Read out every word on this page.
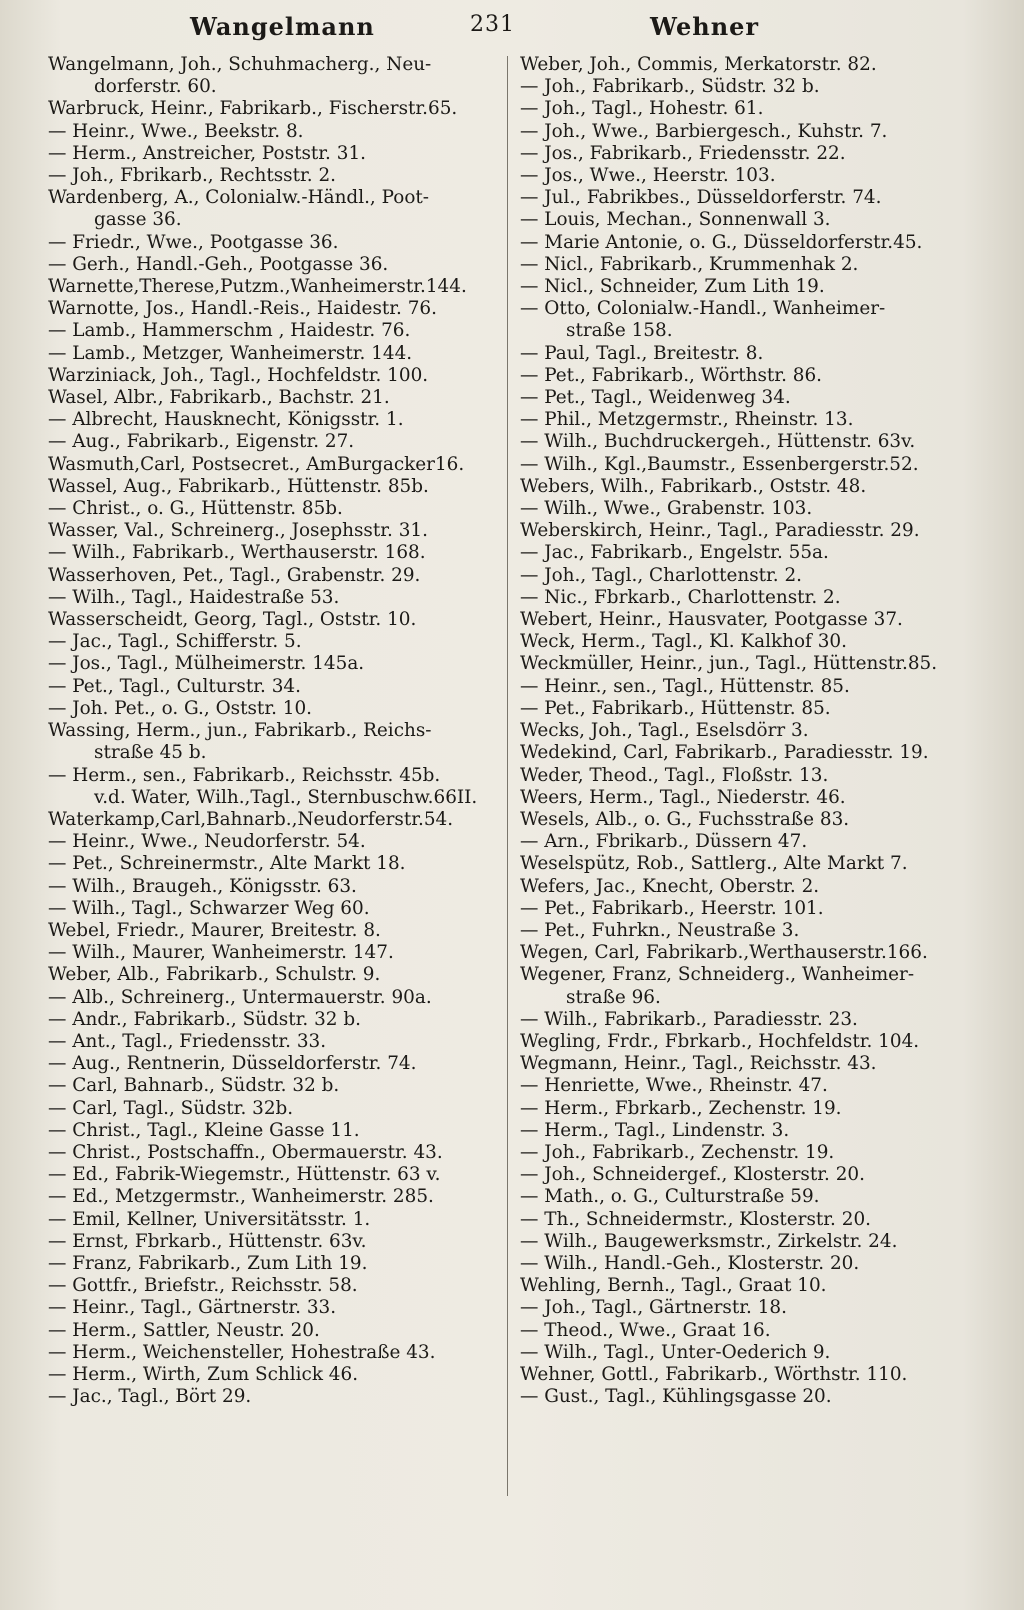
Wangelmann	231	Wehner
Wangelmann, Joh., Schuhmacherg., Neu-
dorferstr. 60.
Warbruck, Heinr., Fabrikarb., Fischerstr.65.
— Heinr., Wwe., Beekstr. 8.
— Herm., Anstreicher, Poststr. 31.
— Joh., Fbrikarb., Rechtsstr. 2.
Wardenberg, A., Colonialw.-Händl., Poot-
gasse 36.
— Friedr., Wwe., Pootgasse 36.
— Gerh., Handl.-Geh., Pootgasse 36.
Warnette,Therese,Putzm.,Wanheimerstr.144.
Warnotte, Jos., Handl.-Reis., Haidestr. 76.
— Lamb., Hammerschm , Haidestr. 76.
— Lamb., Metzger, Wanheimerstr. 144.
Warziniack, Joh., Tagl., Hochfeldstr. 100.
Wasel, Albr., Fabrikarb., Bachstr. 21.
— Albrecht, Hausknecht, Königsstr. 1.
— Aug., Fabrikarb., Eigenstr. 27.
Wasmuth,Carl, Postsecret., AmBurgacker16.
Wassel, Aug., Fabrikarb., Hüttenstr. 85b.
— Christ., o. G., Hüttenstr. 85b.
Wasser, Val., Schreinerg., Josephsstr. 31.
— Wilh., Fabrikarb., Werthauserstr. 168.
Wasserhoven, Pet., Tagl., Grabenstr. 29.
— Wilh., Tagl., Haidestraße 53.
Wasserscheidt, Georg, Tagl., Oststr. 10.
— Jac., Tagl., Schifferstr. 5.
— Jos., Tagl., Mülheimerstr. 145a.
— Pet., Tagl., Culturstr. 34.
— Joh. Pet., o. G., Oststr. 10.
Wassing, Herm., jun., Fabrikarb., Reichs-
straße 45 b.
— Herm., sen., Fabrikarb., Reichsstr. 45b.
v.d. Water, Wilh.,Tagl., Sternbuschw.66II.
Waterkamp,Carl,Bahnarb.,Neudorferstr.54.
— Heinr., Wwe., Neudorferstr. 54.
— Pet., Schreinermstr., Alte Markt 18.
— Wilh., Braugeh., Königsstr. 63.
— Wilh., Tagl., Schwarzer Weg 60.
Webel, Friedr., Maurer, Breitestr. 8.
— Wilh., Maurer, Wanheimerstr. 147.
Weber, Alb., Fabrikarb., Schulstr. 9.
— Alb., Schreinerg., Untermauerstr. 90a.
— Andr., Fabrikarb., Südstr. 32 b.
— Ant., Tagl., Friedensstr. 33.
— Aug., Rentnerin, Düsseldorferstr. 74.
— Carl, Bahnarb., Südstr. 32 b.
— Carl, Tagl., Südstr. 32b.
— Christ., Tagl., Kleine Gasse 11.
— Christ., Postschaffn., Obermauerstr. 43.
— Ed., Fabrik-Wiegemstr., Hüttenstr. 63 v.
— Ed., Metzgermstr., Wanheimerstr. 285.
— Emil, Kellner, Universitätsstr. 1.
— Ernst, Fbrkarb., Hüttenstr. 63v.
— Franz, Fabrikarb., Zum Lith 19.
— Gottfr., Briefstr., Reichsstr. 58.
— Heinr., Tagl., Gärtnerstr. 33.
— Herm., Sattler, Neustr. 20.
— Herm., Weichensteller, Hohestraße 43.
— Herm., Wirth, Zum Schlick 46.
— Jac., Tagl., Bört 29.
Weber, Joh., Commis, Merkatorstr. 82.
— Joh., Fabrikarb., Südstr. 32 b.
— Joh., Tagl., Hohestr. 61.
— Joh., Wwe., Barbiergesch., Kuhstr. 7.
— Jos., Fabrikarb., Friedensstr. 22.
— Jos., Wwe., Heerstr. 103.
— Jul., Fabrikbes., Düsseldorferstr. 74.
— Louis, Mechan., Sonnenwall 3.
— Marie Antonie, o. G., Düsseldorferstr.45.
— Nicl., Fabrikarb., Krummenhak 2.
— Nicl., Schneider, Zum Lith 19.
— Otto, Colonialw.-Handl., Wanheimer-
straße 158.
— Paul, Tagl., Breitestr. 8.
— Pet., Fabrikarb., Wörthstr. 86.
— Pet., Tagl., Weidenweg 34.
— Phil., Metzgermstr., Rheinstr. 13.
— Wilh., Buchdruckergeh., Hüttenstr. 63v.
— Wilh., Kgl.,Baumstr., Essenbergerstr.52.
Webers, Wilh., Fabrikarb., Oststr. 48.
— Wilh., Wwe., Grabenstr. 103.
Weberskirch, Heinr., Tagl., Paradiesstr. 29.
— Jac., Fabrikarb., Engelstr. 55a.
— Joh., Tagl., Charlottenstr. 2.
— Nic., Fbrkarb., Charlottenstr. 2.
Webert, Heinr., Hausvater, Pootgasse 37.
Weck, Herm., Tagl., Kl. Kalkhof 30.
Weckmüller, Heinr., jun., Tagl., Hüttenstr.85.
— Heinr., sen., Tagl., Hüttenstr. 85.
— Pet., Fabrikarb., Hüttenstr. 85.
Wecks, Joh., Tagl., Eselsdörr 3.
Wedekind, Carl, Fabrikarb., Paradiesstr. 19.
Weder, Theod., Tagl., Floßstr. 13.
Weers, Herm., Tagl., Niederstr. 46.
Wesels, Alb., o. G., Fuchsstraße 83.
— Arn., Fbrikarb., Düssern 47.
Weselspütz, Rob., Sattlerg., Alte Markt 7.
Wefers, Jac., Knecht, Oberstr. 2.
— Pet., Fabrikarb., Heerstr. 101.
— Pet., Fuhrkn., Neustraße 3.
Wegen, Carl, Fabrikarb.,Werthauserstr.166.
Wegener, Franz, Schneiderg., Wanheimer-
straße 96.
— Wilh., Fabrikarb., Paradiesstr. 23.
Wegling, Frdr., Fbrkarb., Hochfeldstr. 104.
Wegmann, Heinr., Tagl., Reichsstr. 43.
— Henriette, Wwe., Rheinstr. 47.
— Herm., Fbrkarb., Zechenstr. 19.
— Herm., Tagl., Lindenstr. 3.
— Joh., Fabrikarb., Zechenstr. 19.
— Joh., Schneidergef., Klosterstr. 20.
— Math., o. G., Culturstraße 59.
— Th., Schneidermstr., Klosterstr. 20.
— Wilh., Baugewerksmstr., Zirkelstr. 24.
— Wilh., Handl.-Geh., Klosterstr. 20.
Wehling, Bernh., Tagl., Graat 10.
— Joh., Tagl., Gärtnerstr. 18.
— Theod., Wwe., Graat 16.
— Wilh., Tagl., Unter-Oederich 9.
Wehner, Gottl., Fabrikarb., Wörthstr. 110.
— Gust., Tagl., Kühlingsgasse 20.
